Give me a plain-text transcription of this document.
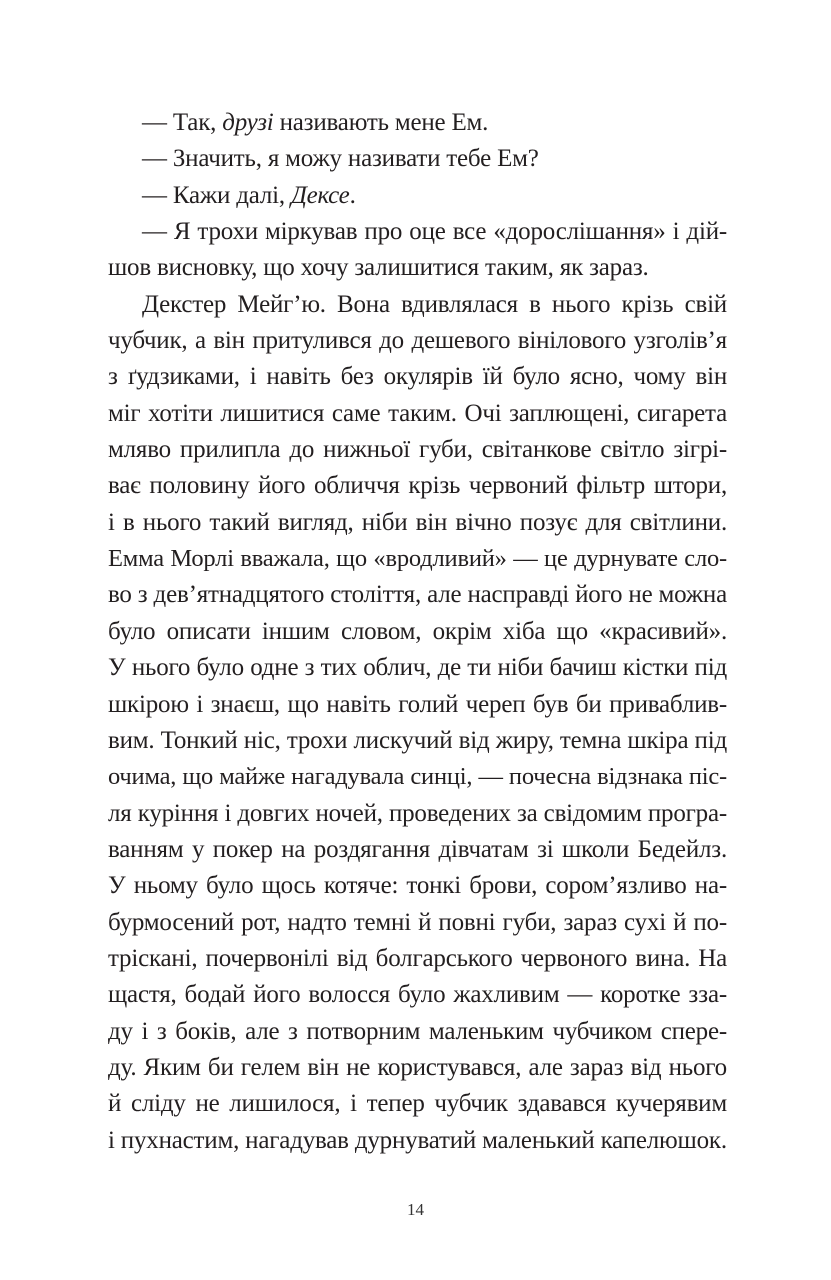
— Так, друзі називають мене Ем.
— Значить, я можу називати тебе Ем?
— Кажи далі, Дексе.
— Я трохи міркував про оце все «дорослішання» і дій-
шов висновку, що хочу залишитися таким, як зараз.
Декстер Мейг’ю. Вона вдивлялася в нього крізь свій
чубчик, а він притулився до дешевого вінілового узголів’я
з ґудзиками, і навіть без окулярів їй було ясно, чому він
міг хотіти лишитися саме таким. Очі заплющені, сигарета
мляво прилипла до нижньої губи, світанкове світло зігрі-
ває половину його обличчя крізь червоний фільтр штори,
і в нього такий вигляд, ніби він вічно позує для світлини.
Емма Морлі вважала, що «вродливий» — це дурнувате сло-
во з дев’ятнадцятого століття, але насправді його не можна
було описати іншим словом, окрім хіба що «красивий».
У нього було одне з тих облич, де ти ніби бачиш кістки під
шкірою і знаєш, що навіть голий череп був би приваблив-
вим. Тонкий ніс, трохи лискучий від жиру, темна шкіра під
очима, що майже нагадувала синці, — почесна відзнака піс-
ля куріння і довгих ночей, проведених за свідомим програ-
ванням у покер на роздягання дівчатам зі школи Бедейлз.
У ньому було щось котяче: тонкі брови, сором’язливо на-
бурмосений рот, надто темні й повні губи, зараз сухі й по-
тріскані, почервонілі від болгарського червоного вина. На
щастя, бодай його волосся було жахливим — коротке зза-
ду і з боків, але з потворним маленьким чубчиком спере-
ду. Яким би гелем він не користувався, але зараз від нього
й сліду не лишилося, і тепер чубчик здавався кучерявим
і пухнастим, нагадував дурнуватий маленький капелюшок.
14
